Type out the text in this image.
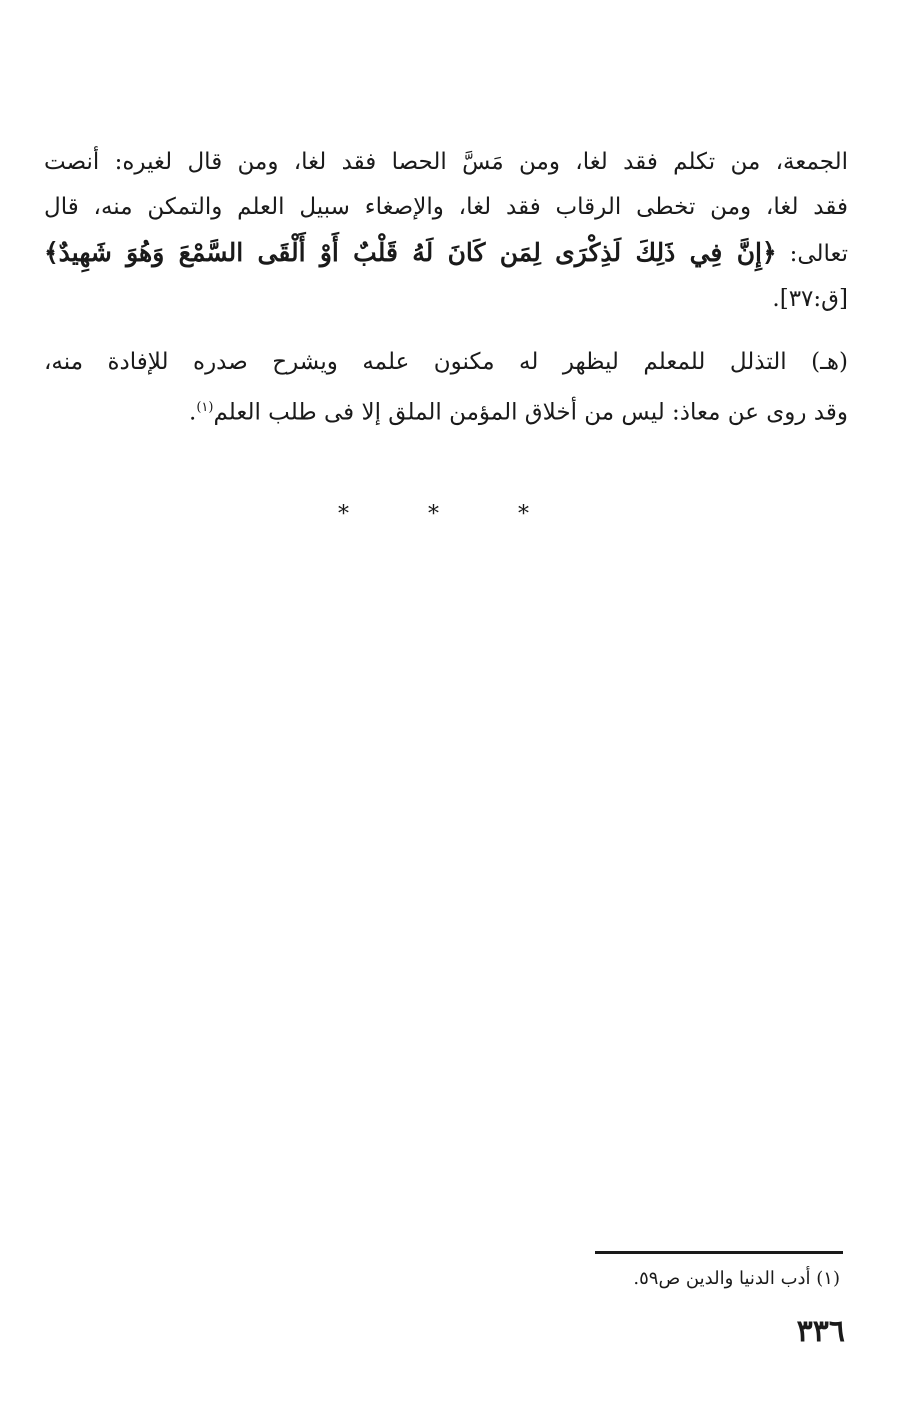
الجمعة، من تكلم فقد لغا، ومن مَسَّ الحصا فقد لغا، ومن قال لغيره: أنصت
فقد لغا، ومن تخطى الرقاب فقد لغا، والإصغاء سبيل العلم والتمكن منه، قال
تعالى: ﴿إِنَّ فِي ذَلِكَ لَذِكْرَى لِمَن كَانَ لَهُ قَلْبٌ أَوْ أَلْقَى السَّمْعَ وَهُوَ شَهِيدٌ﴾
[ق:٣٧].
(هـ) التذلل للمعلم ليظهر له مكنون علمه ويشرح صدره للإفادة منه،
وقد روى عن معاذ: ليس من أخلاق المؤمن الملق إلا فى طلب العلم$^{(١)}$.
* * *
(١) أدب الدنيا والدين ص٥٩.
٣٣٦
